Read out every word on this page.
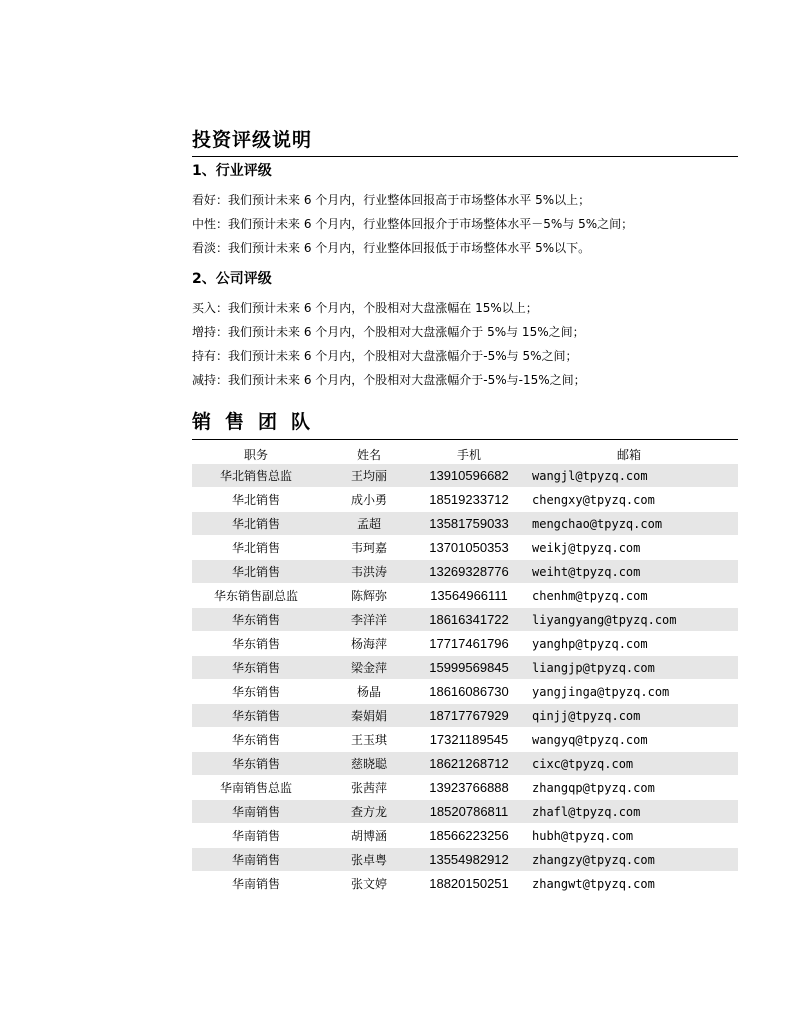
投资评级说明
1、行业评级
看好：我们预计未来 6 个月内，行业整体回报高于市场整体水平 5%以上；
中性：我们预计未来 6 个月内，行业整体回报介于市场整体水平－5%与 5%之间；
看淡：我们预计未来 6 个月内，行业整体回报低于市场整体水平 5%以下。
2、公司评级
买入：我们预计未来 6 个月内，个股相对大盘涨幅在 15%以上；
增持：我们预计未来 6 个月内，个股相对大盘涨幅介于 5%与 15%之间；
持有：我们预计未来 6 个月内，个股相对大盘涨幅介于-5%与 5%之间；
减持：我们预计未来 6 个月内，个股相对大盘涨幅介于-5%与-15%之间；
销售团队
职务	姓名	手机	邮箱
华北销售总监	王均丽	13910596682	wangjl@tpyzq.com
华北销售	成小勇	18519233712	chengxy@tpyzq.com
华北销售	孟超	13581759033	mengchao@tpyzq.com
华北销售	韦珂嘉	13701050353	weikj@tpyzq.com
华北销售	韦洪涛	13269328776	weiht@tpyzq.com
华东销售副总监	陈辉弥	13564966111	chenhm@tpyzq.com
华东销售	李洋洋	18616341722	liyangyang@tpyzq.com
华东销售	杨海萍	17717461796	yanghp@tpyzq.com
华东销售	梁金萍	15999569845	liangjp@tpyzq.com
华东销售	杨晶	18616086730	yangjinga@tpyzq.com
华东销售	秦娟娟	18717767929	qinjj@tpyzq.com
华东销售	王玉琪	17321189545	wangyq@tpyzq.com
华东销售	慈晓聪	18621268712	cixc@tpyzq.com
华南销售总监	张茜萍	13923766888	zhangqp@tpyzq.com
华南销售	查方龙	18520786811	zhafl@tpyzq.com
华南销售	胡博涵	18566223256	hubh@tpyzq.com
华南销售	张卓粤	13554982912	zhangzy@tpyzq.com
华南销售	张文婷	18820150251	zhangwt@tpyzq.com
